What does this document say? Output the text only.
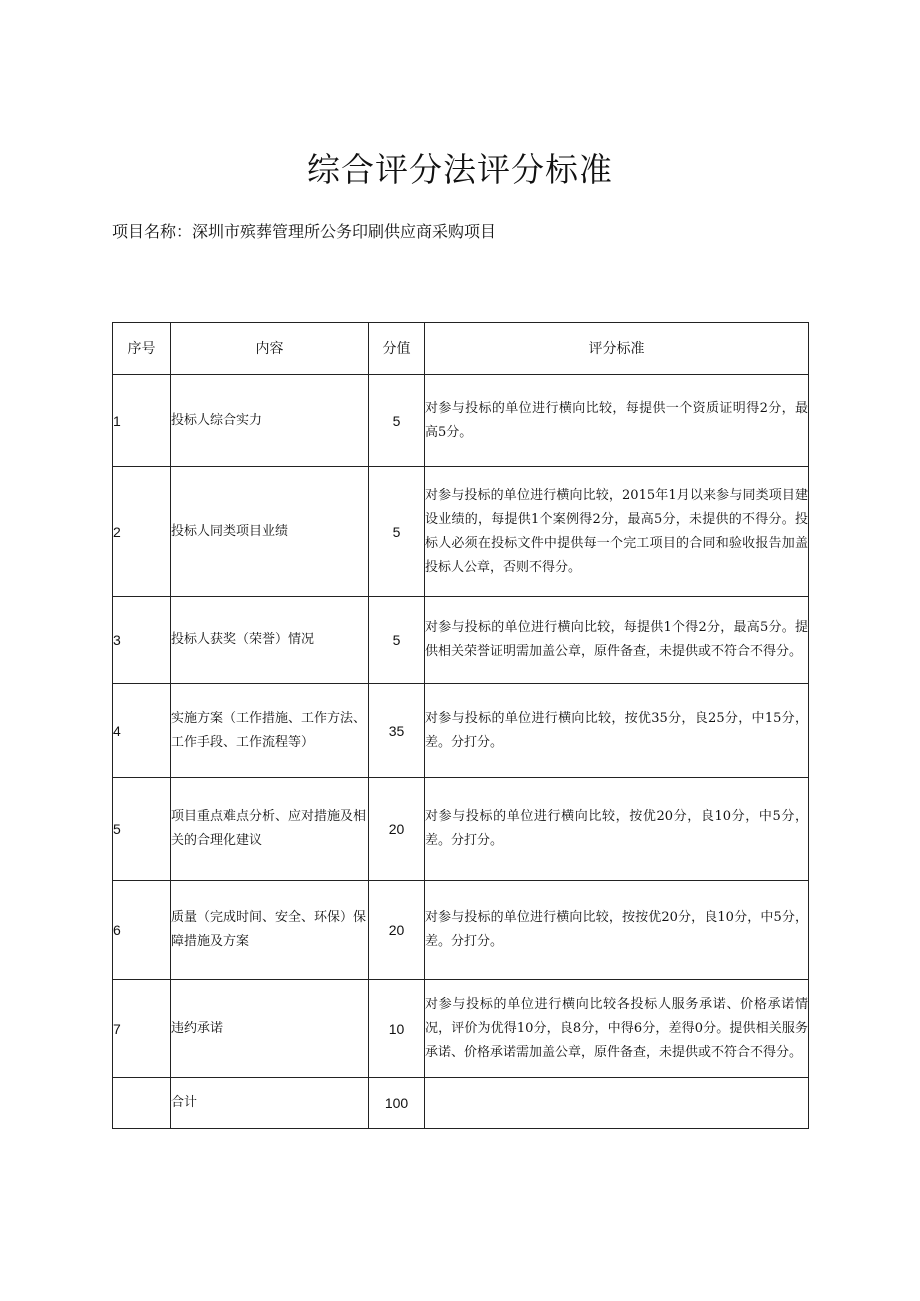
综合评分法评分标准
项目名称：深圳市殡葬管理所公务印刷供应商采购项目
序号	内容	分值	评分标准
1	投标人综合实力	5	对参与投标的单位进行横向比较，每提供一个资质证明得2分，最高5分。
2	投标人同类项目业绩	5	对参与投标的单位进行横向比较，2015年1月以来参与同类项目建设业绩的，每提供1个案例得2分，最高5分，未提供的不得分。投标人必须在投标文件中提供每一个完工项目的合同和验收报告加盖投标人公章，否则不得分。
3	投标人获奖（荣誉）情况	5	对参与投标的单位进行横向比较，每提供1个得2分，最高5分。提供相关荣誉证明需加盖公章，原件备查，未提供或不符合不得分。
4	实施方案（工作措施、工作方法、工作手段、工作流程等）	35	对参与投标的单位进行横向比较，按优35分，良25分，中15分，差。分打分。
5	项目重点难点分析、应对措施及相关的合理化建议	20	对参与投标的单位进行横向比较，按优20分，良10分，中5分，差。分打分。
6	质量（完成时间、安全、环保）保障措施及方案	20	对参与投标的单位进行横向比较，按按优20分，良10分，中5分，差。分打分。
7	违约承诺	10	对参与投标的单位进行横向比较各投标人服务承诺、价格承诺情况，评价为优得10分，良8分，中得6分，差得0分。提供相关服务承诺、价格承诺需加盖公章，原件备查，未提供或不符合不得分。
	合计	100	
